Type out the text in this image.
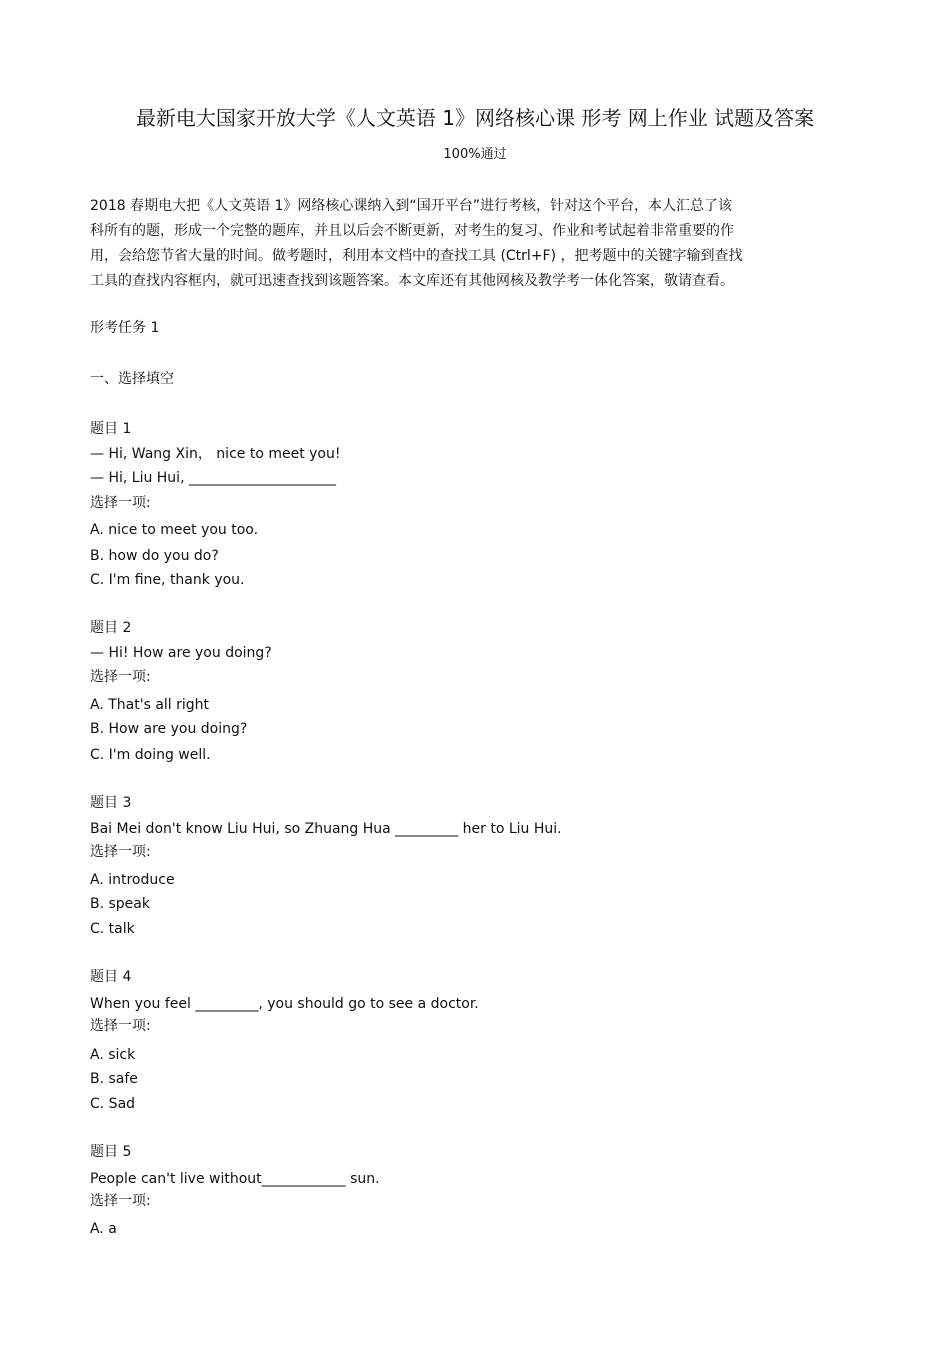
最新电大国家开放大学《人文英语 1》网络核心课 形考 网上作业 试题及答案
100%通过
2018 春期电大把《人文英语 1》网络核心课纳入到“国开平台”进行考核，针对这个平台，本人汇总了该
科所有的题，形成一个完整的题库，并且以后会不断更新，对考生的复习、作业和考试起着非常重要的作
用，会给您节省大量的时间。做考题时，利用本文档中的查找工具 (Ctrl+F) ，把考题中的关键字输到查找
工具的查找内容框内，就可迅速查找到该题答案。本文库还有其他网核及教学考一体化答案，敬请查看。
形考任务 1
一、选择填空
题目 1
— Hi, Wang Xin， nice to meet you!
— Hi, Liu Hui, _____________________
选择一项:
A. nice to meet you too.
B. how do you do?
C. I'm fine, thank you.
题目 2
— Hi! How are you doing?
选择一项:
A. That's all right
B. How are you doing?
C. I'm doing well.
题目 3
Bai Mei don't know Liu Hui, so Zhuang Hua _________ her to Liu Hui.
选择一项:
A. introduce
B. speak
C. talk
题目 4
When you feel _________, you should go to see a doctor.
选择一项:
A. sick
B. safe
C. Sad
题目 5
People can't live without____________ sun.
选择一项:
A. a
